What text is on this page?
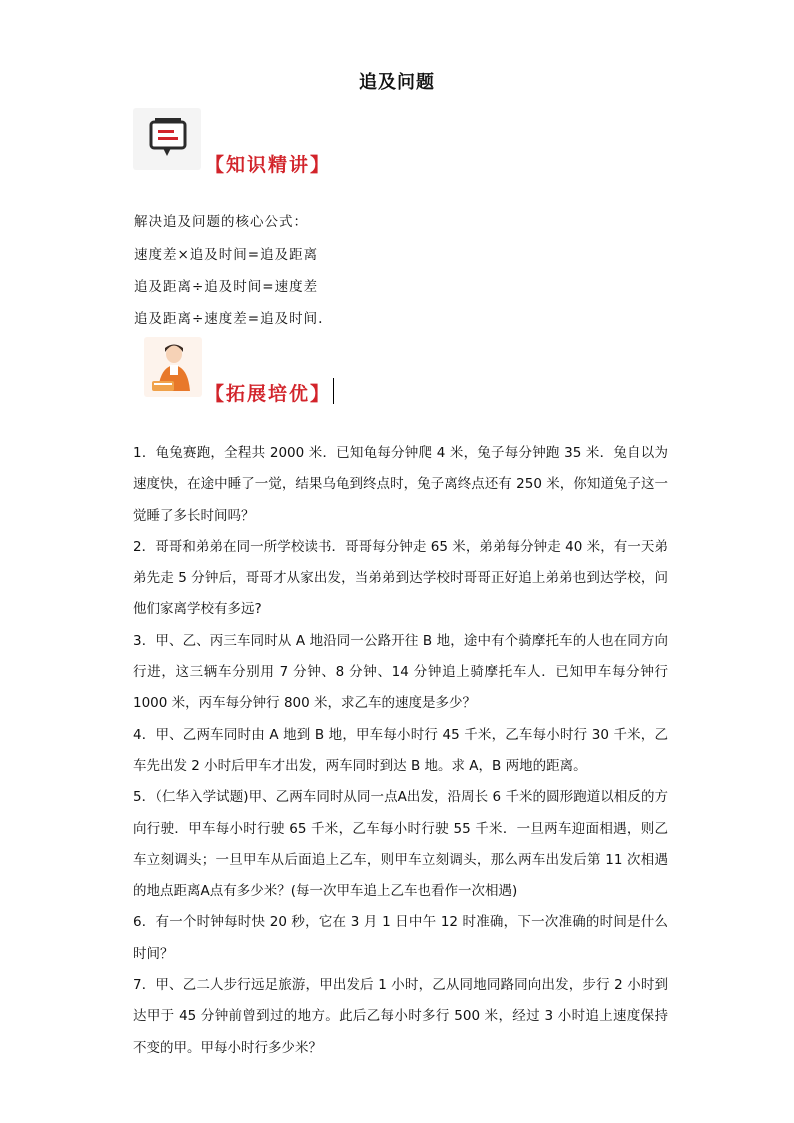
追及问题
【知识精讲】
解决追及问题的核心公式：
速度差×追及时间=追及距离
追及距离÷追及时间=速度差
追及距离÷速度差=追及时间.
【拓展培优】

1．龟兔赛跑，全程共 2000 米．已知龟每分钟爬 4 米，兔子每分钟跑 35 米．兔自以为速度快，在途中睡了一觉，结果乌龟到终点时，兔子离终点还有 250 米，你知道兔子这一觉睡了多长时间吗？

2．哥哥和弟弟在同一所学校读书．哥哥每分钟走 65 米，弟弟每分钟走 40 米，有一天弟弟先走 5 分钟后，哥哥才从家出发，当弟弟到达学校时哥哥正好追上弟弟也到达学校，问他们家离学校有多远?

3．甲、乙、丙三车同时从 A 地沿同一公路开往 B 地，途中有个骑摩托车的人也在同方向行进，这三辆车分别用 7 分钟、8 分钟、14 分钟追上骑摩托车人．已知甲车每分钟行 1000 米，丙车每分钟行 800 米，求乙车的速度是多少？

4．甲、乙两车同时由 A 地到 B 地，甲车每小时行 45 千米，乙车每小时行 30 千米，乙车先出发 2 小时后甲车才出发，两车同时到达 B 地。求 A，B 两地的距离。

5．（仁华入学试题)甲、乙两车同时从同一点A出发，沿周长 6 千米的圆形跑道以相反的方向行驶．甲车每小时行驶 65 千米，乙车每小时行驶 55 千米．一旦两车迎面相遇，则乙车立刻调头；一旦甲车从后面追上乙车，则甲车立刻调头，那么两车出发后第 11 次相遇的地点距离A点有多少米？(每一次甲车追上乙车也看作一次相遇)

6．有一个时钟每时快 20 秒，它在 3 月 1 日中午 12 时准确，下一次准确的时间是什么时间？

7．甲、乙二人步行远足旅游，甲出发后 1 小时，乙从同地同路同向出发，步行 2 小时到达甲于 45 分钟前曾到过的地方。此后乙每小时多行 500 米，经过 3 小时追上速度保持不变的甲。甲每小时行多少米？
